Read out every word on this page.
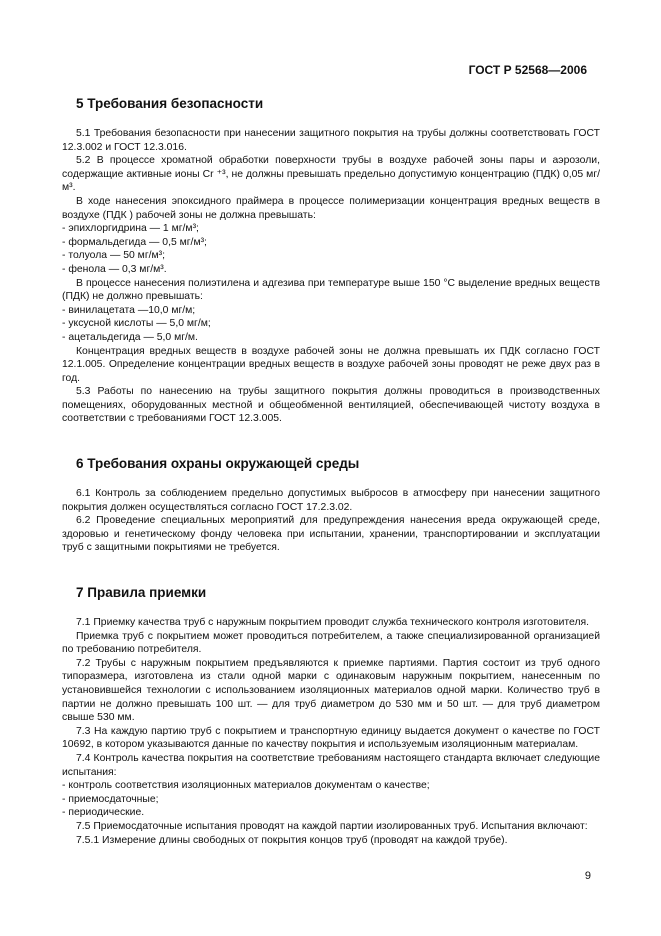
ГОСТ Р 52568—2006
5 Требования безопасности

5.1 Требования безопасности при нанесении защитного покрытия на трубы должны соответствовать ГОСТ 12.3.002 и ГОСТ 12.3.016.

5.2 В процессе хроматной обработки поверхности трубы в воздухе рабочей зоны пары и аэрозоли, содержащие активные ионы Cr ⁺³, не должны превышать предельно допустимую концентрацию (ПДК) 0,05 мг/м³.

В ходе нанесения эпоксидного праймера в процессе полимеризации концентрация вредных веществ в воздухе (ПДК ) рабочей зоны не должна превышать:

- эпихлоргидрина — 1 мг/м³;

- формальдегида — 0,5 мг/м³;

- толуола — 50 мг/м³;

- фенола — 0,3 мг/м³.

В процессе нанесения полиэтилена и адгезива при температуре выше 150 °С выделение вредных веществ (ПДК) не должно превышать:

- винилацетата —10,0 мг/м;

- уксусной кислоты — 5,0 мг/м;

- ацетальдегида — 5,0 мг/м.

Концентрация вредных веществ в воздухе рабочей зоны не должна превышать их ПДК согласно ГОСТ 12.1.005. Определение концентрации вредных веществ в воздухе рабочей зоны проводят не реже двух раз в год.

5.3 Работы по нанесению на трубы защитного покрытия должны проводиться в производственных помещениях, оборудованных местной и общеобменной вентиляцией, обеспечивающей чистоту воздуха в соответствии с требованиями ГОСТ 12.3.005.

6 Требования охраны окружающей среды

6.1 Контроль за соблюдением предельно допустимых выбросов в атмосферу при нанесении защитного покрытия должен осуществляться согласно ГОСТ 17.2.3.02.

6.2 Проведение специальных мероприятий для предупреждения нанесения вреда окружающей среде, здоровью и генетическому фонду человека при испытании, хранении, транспортировании и эксплуатации труб с защитными покрытиями не требуется.

7 Правила приемки

7.1 Приемку качества труб с наружным покрытием проводит служба технического контроля изготовителя.

Приемка труб с покрытием может проводиться потребителем, а также специализированной организацией по требованию потребителя.

7.2 Трубы с наружным покрытием предъявляются к приемке партиями. Партия состоит из труб одного типоразмера, изготовлена из стали одной марки с одинаковым наружным покрытием, нанесенным по установившейся технологии с использованием изоляционных материалов одной марки. Количество труб в партии не должно превышать 100 шт. — для труб диаметром до 530 мм и 50 шт. — для труб диаметром свыше 530 мм.

7.3 На каждую партию труб с покрытием и транспортную единицу выдается документ о качестве по ГОСТ 10692, в котором указываются данные по качеству покрытия и используемым изоляционным материалам.

7.4 Контроль качества покрытия на соответствие требованиям настоящего стандарта включает следующие испытания:

- контроль соответствия изоляционных материалов документам о качестве;

- приемосдаточные;

- периодические.

7.5 Приемосдаточные испытания проводят на каждой партии изолированных труб. Испытания включают:

7.5.1 Измерение длины свободных от покрытия концов труб (проводят на каждой трубе).

9
